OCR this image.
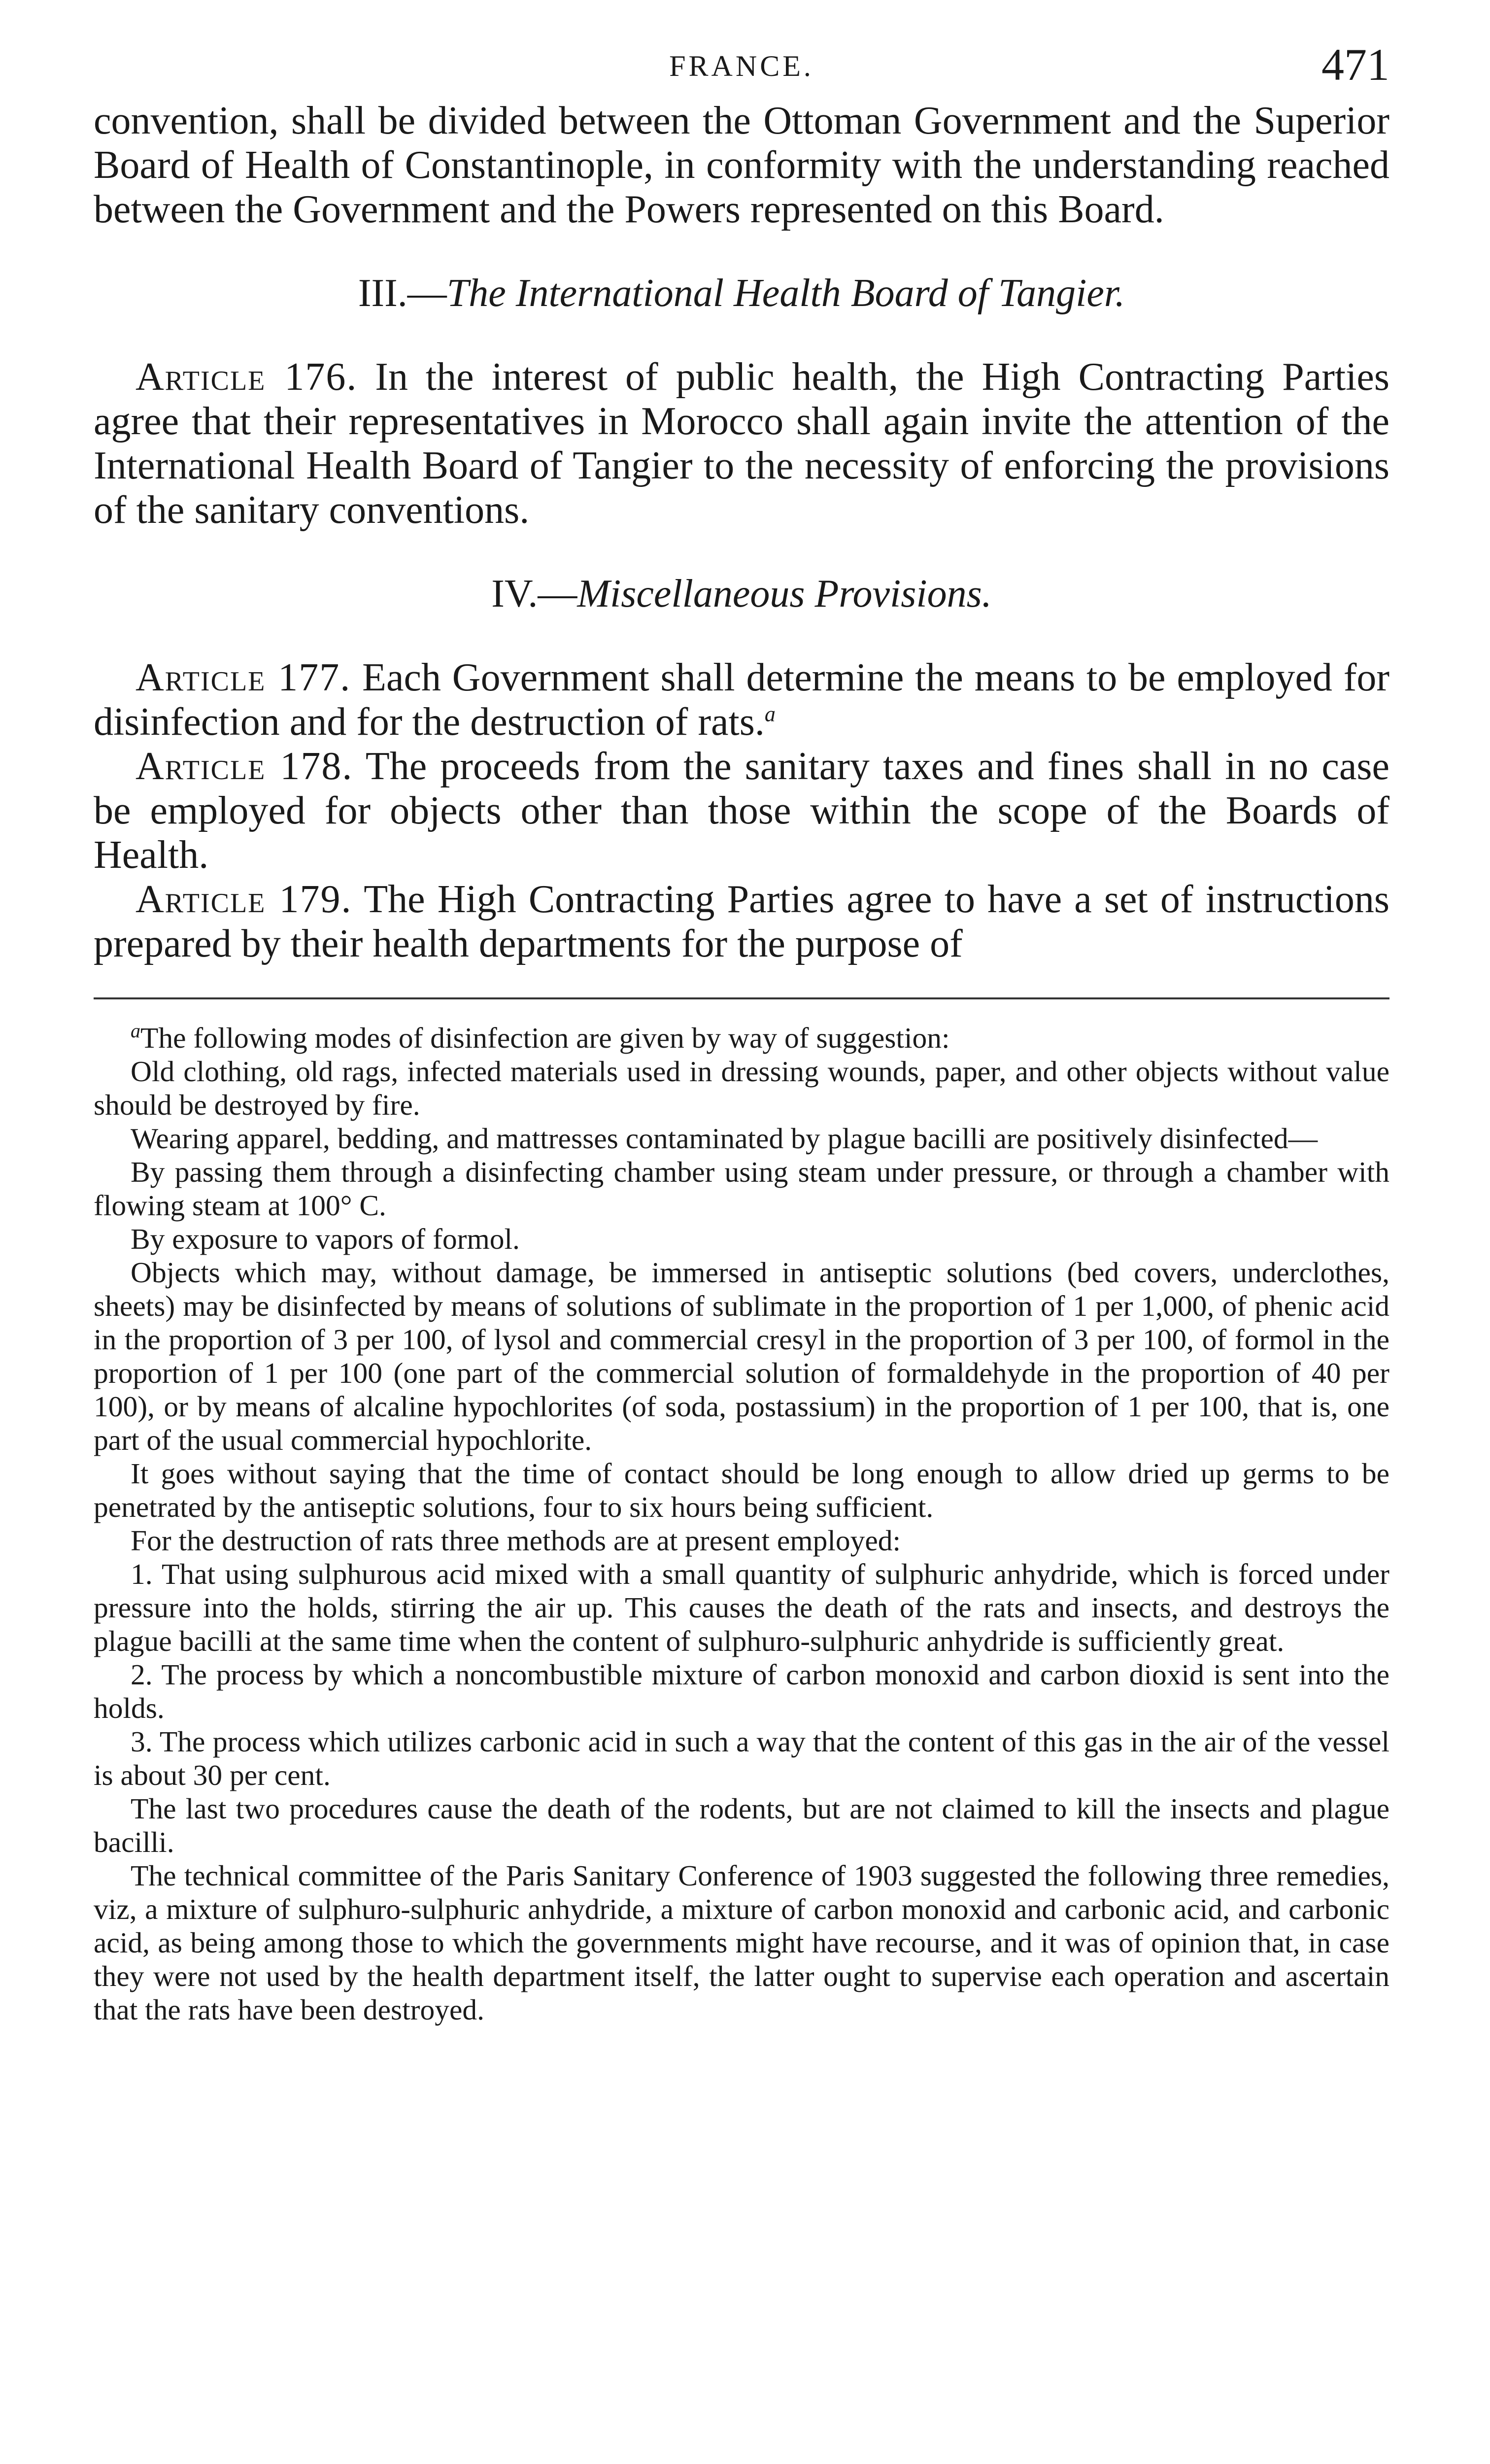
FRANCE.	471

convention, shall be divided between the Ottoman Government and the Superior Board of Health of Constantinople, in conformity with the understanding reached between the Government and the Powers represented on this Board.

III.—The International Health Board of Tangier.

Article 176. In the interest of public health, the High Contracting Parties agree that their representatives in Morocco shall again invite the attention of the International Health Board of Tangier to the necessity of enforcing the provisions of the sanitary conventions.

IV.—Miscellaneous Provisions.

Article 177. Each Government shall determine the means to be employed for disinfection and for the destruction of rats.$^a$

Article 178. The proceeds from the sanitary taxes and fines shall in no case be employed for objects other than those within the scope of the Boards of Health.

Article 179. The High Contracting Parties agree to have a set of instructions prepared by their health departments for the purpose of

$^a$The following modes of disinfection are given by way of suggestion:

Old clothing, old rags, infected materials used in dressing wounds, paper, and other objects without value should be destroyed by fire.

Wearing apparel, bedding, and mattresses contaminated by plague bacilli are positively disinfected—

By passing them through a disinfecting chamber using steam under pressure, or through a chamber with flowing steam at 100° C.

By exposure to vapors of formol.

Objects which may, without damage, be immersed in antiseptic solutions (bed covers, underclothes, sheets) may be disinfected by means of solutions of sublimate in the proportion of 1 per 1,000, of phenic acid in the proportion of 3 per 100, of lysol and commercial cresyl in the proportion of 3 per 100, of formol in the proportion of 1 per 100 (one part of the commercial solution of formaldehyde in the proportion of 40 per 100), or by means of alcaline hypochlorites (of soda, postassium) in the proportion of 1 per 100, that is, one part of the usual commercial hypochlorite.

It goes without saying that the time of contact should be long enough to allow dried up germs to be penetrated by the antiseptic solutions, four to six hours being sufficient.

For the destruction of rats three methods are at present employed:

1. That using sulphurous acid mixed with a small quantity of sulphuric anhydride, which is forced under pressure into the holds, stirring the air up. This causes the death of the rats and insects, and destroys the plague bacilli at the same time when the content of sulphuro-sulphuric anhydride is sufficiently great.

2. The process by which a noncombustible mixture of carbon monoxid and carbon dioxid is sent into the holds.

3. The process which utilizes carbonic acid in such a way that the content of this gas in the air of the vessel is about 30 per cent.

The last two procedures cause the death of the rodents, but are not claimed to kill the insects and plague bacilli.

The technical committee of the Paris Sanitary Conference of 1903 suggested the following three remedies, viz, a mixture of sulphuro-sulphuric anhydride, a mixture of carbon monoxid and carbonic acid, and carbonic acid, as being among those to which the governments might have recourse, and it was of opinion that, in case they were not used by the health department itself, the latter ought to supervise each operation and ascertain that the rats have been destroyed.
